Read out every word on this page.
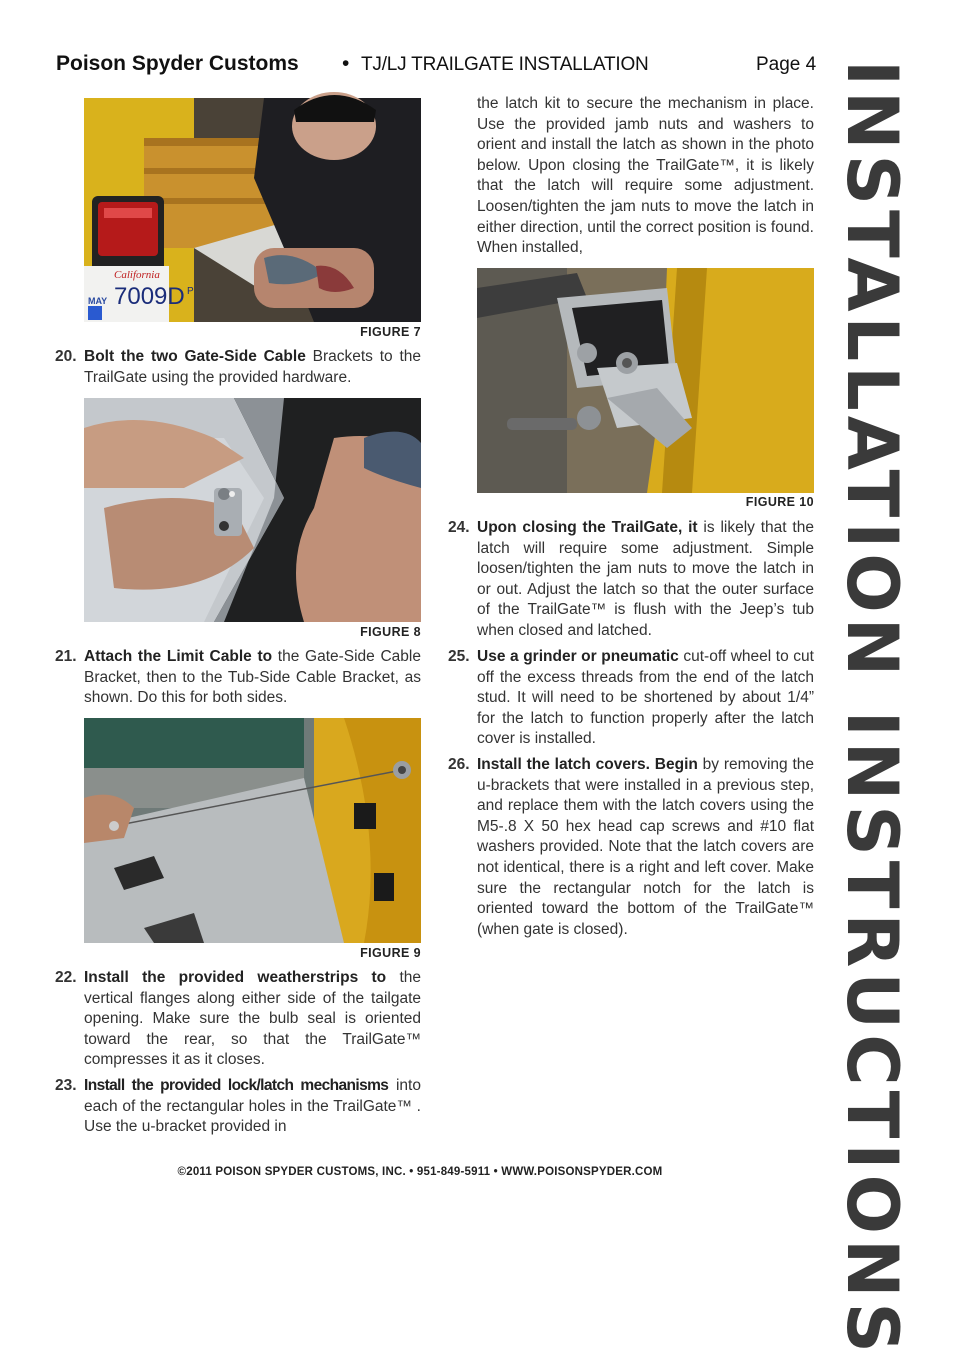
Poison Spyder Customs • TJ/LJ TRAILGATE INSTALLATION	Page 4 INSTALLATION INSTRUCTIONS
MAY
California
7009D P
FIGURE 7
20. Bolt the two Gate-Side Cable Brackets to the TrailGate using the provided hardware.
FIGURE 8
21. Attach the Limit Cable to the Gate-Side Cable Bracket, then to the Tub-Side Cable Bracket, as shown. Do this for both sides.
FIGURE 9
22. Install the provided weatherstrips to the vertical flanges along either side of the tailgate opening. Make sure the bulb seal is oriented toward the rear, so that the TrailGate™ compresses it as it closes.
23. Install the provided lock/latch mechanisms into each of the rectangular holes in the TrailGate™ . Use the u-bracket provided in
the latch kit to secure the mechanism in place. Use the provided jamb nuts and washers to orient and install the latch as shown in the photo below. Upon closing the TrailGate™, it is likely that the latch will require some adjustment. Loosen/tighten the jam nuts to move the latch in either direction, until the correct position is found. When installed,
FIGURE 10
24. Upon closing the TrailGate, it is likely that the latch will require some adjustment. Simple loosen/tighten the jam nuts to move the latch in or out. Adjust the latch so that the outer surface of the TrailGate™ is flush with the Jeep’s tub when closed and latched.
25. Use a grinder or pneumatic cut-off wheel to cut off the excess threads from the end of the latch stud. It will need to be shortened by about 1/4” for the latch to function properly after the latch cover is installed.
26. Install the latch covers. Begin by removing the u-brackets that were installed in a previous step, and replace them with the latch covers using the M5-.8 X 50 hex head cap screws and #10 flat washers provided. Note that the latch covers are not identical, there is a right and left cover. Make sure the rectangular notch for the latch is oriented toward the bottom of the TrailGate™ (when gate is closed).
©2011 POISON SPYDER CUSTOMS, INC. • 951-849-5911 • WWW.POISONSPYDER.COM
